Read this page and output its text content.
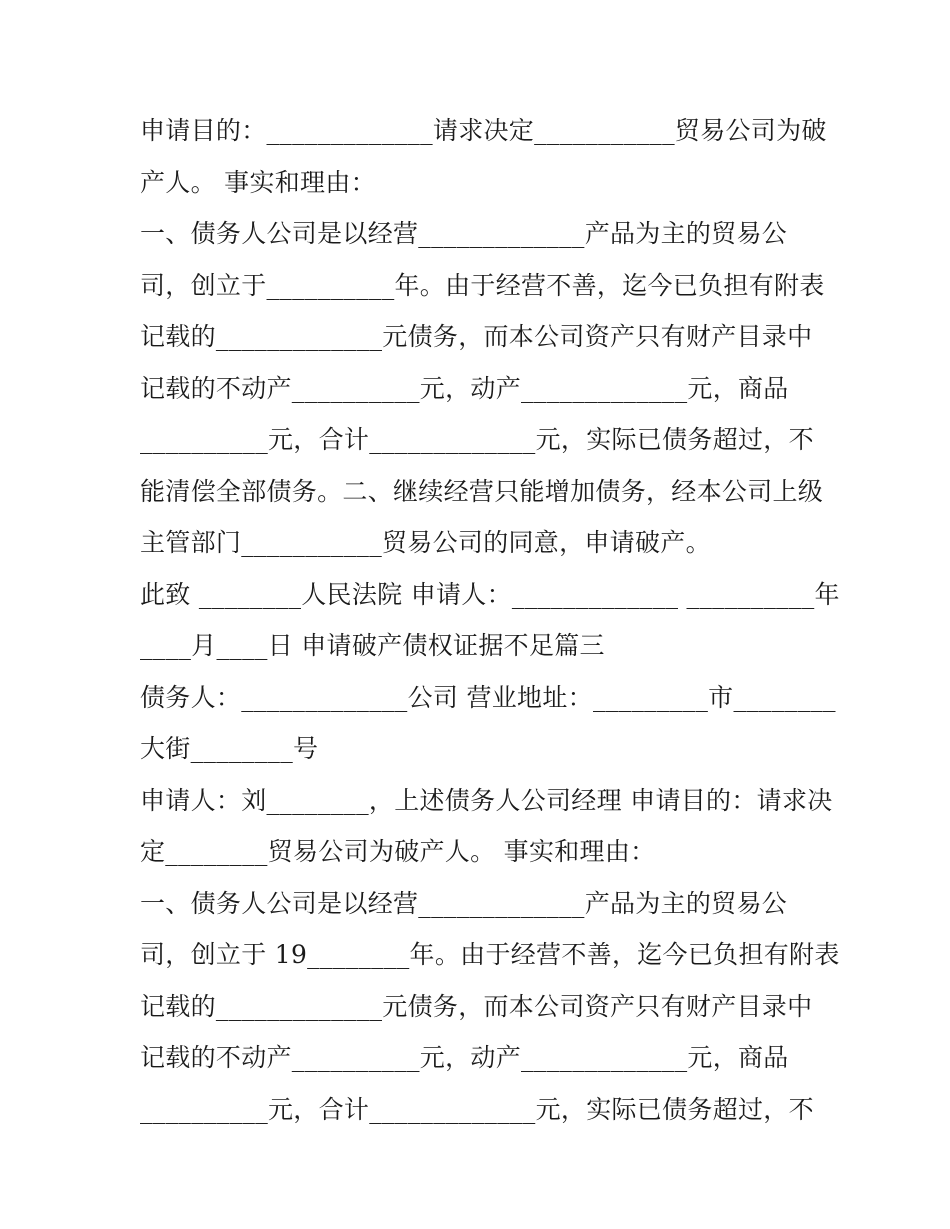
申请目的：_____________请求决定___________贸易公司为破
产人。 事实和理由：
一、债务人公司是以经营_____________产品为主的贸易公
司，创立于__________年。由于经营不善，迄今已负担有附表
记载的_____________元债务，而本公司资产只有财产目录中
记载的不动产__________元，动产_____________元，商品
__________元，合计_____________元，实际已债务超过，不
能清偿全部债务。二、继续经营只能增加债务，经本公司上级
主管部门___________贸易公司的同意，申请破产。
此致 ________人民法院 申请人：_____________ __________年
____月____日 申请破产债权证据不足篇三
债务人：_____________公司 营业地址：_________市________
大街________号
申请人：刘________，上述债务人公司经理 申请目的：请求决
定________贸易公司为破产人。 事实和理由：
一、债务人公司是以经营_____________产品为主的贸易公
司，创立于 19________年。由于经营不善，迄今已负担有附表
记载的_____________元债务，而本公司资产只有财产目录中
记载的不动产__________元，动产_____________元，商品
__________元，合计_____________元，实际已债务超过，不
